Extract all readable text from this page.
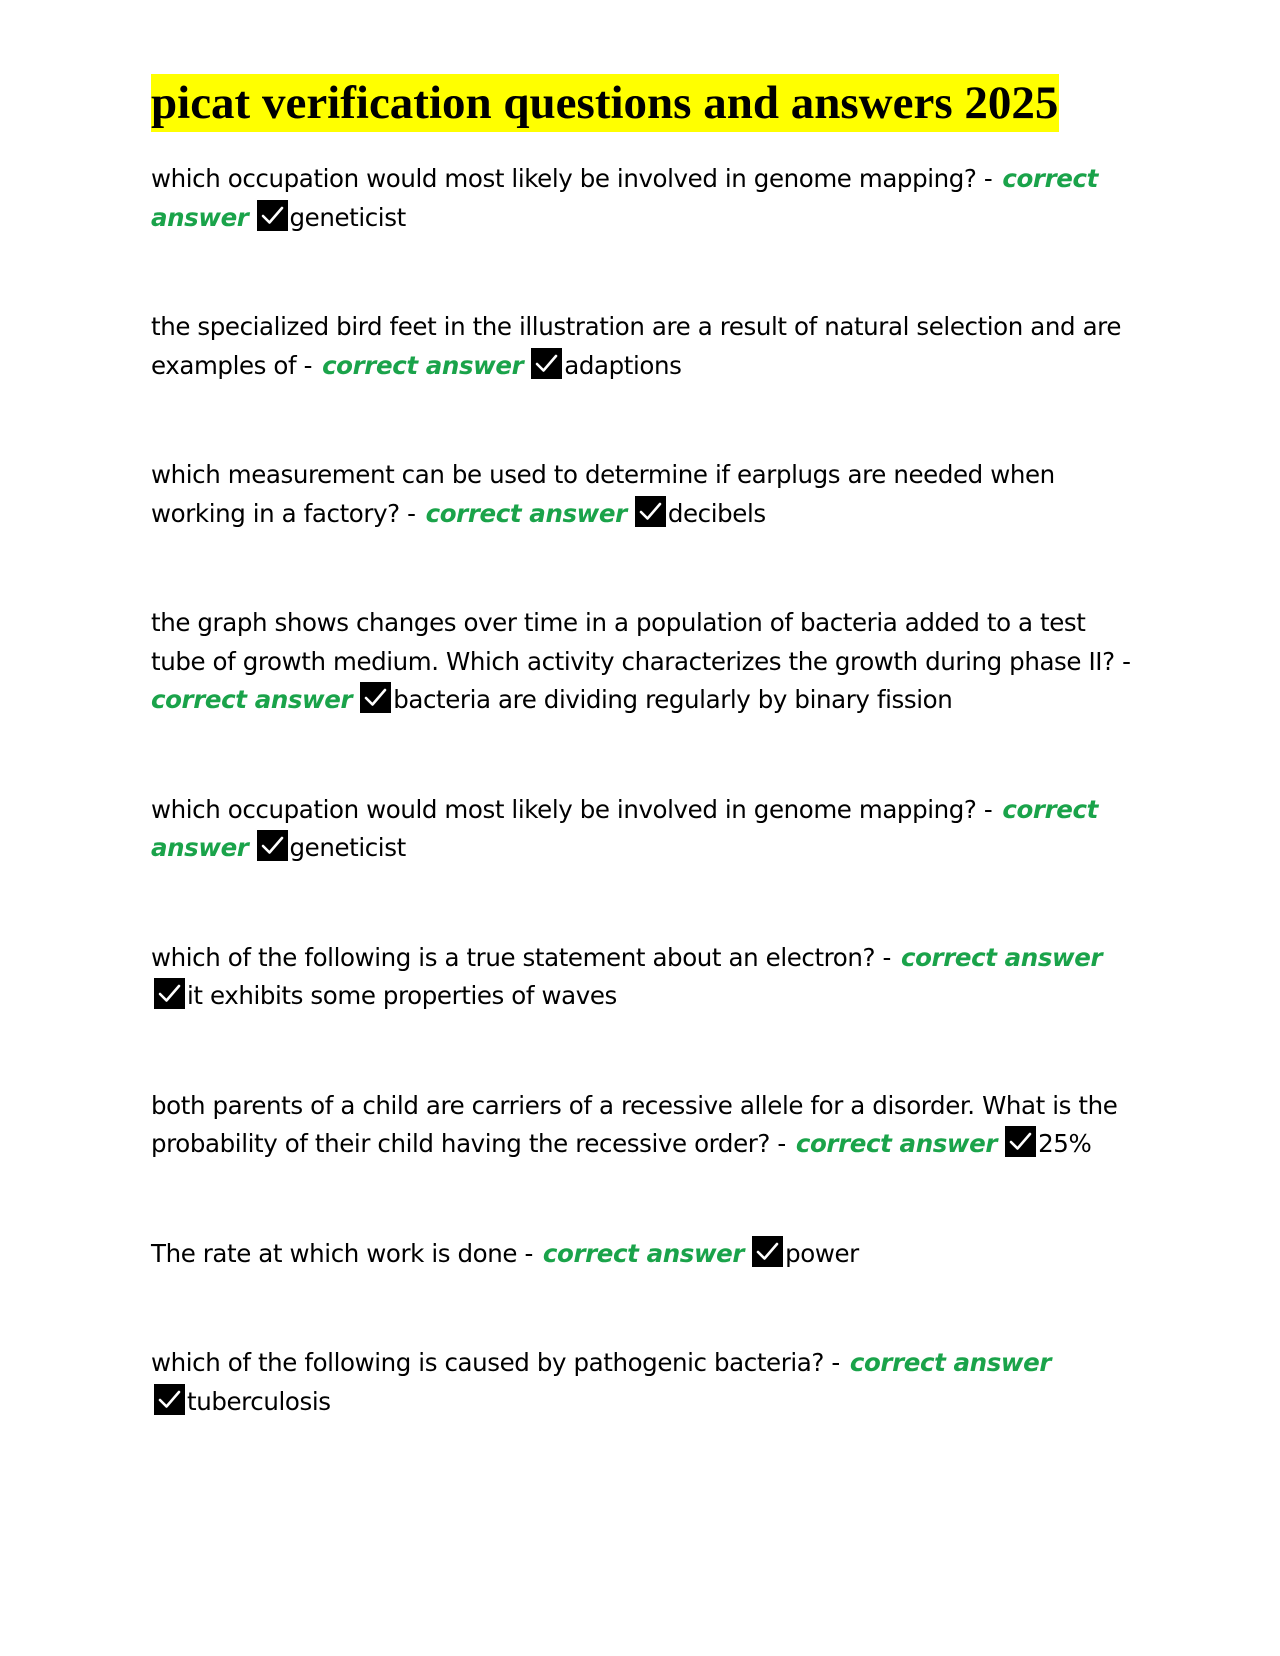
picat verification questions and answers 2025

which occupation would most likely be involved in genome mapping? - correct answer geneticist

the specialized bird feet in the illustration are a result of natural selection and are examples of - correct answer adaptions

which measurement can be used to determine if earplugs are needed when working in a factory? - correct answer decibels

the graph shows changes over time in a population of bacteria added to a test tube of growth medium. Which activity characterizes the growth during phase II? -
correct answer bacteria are dividing regularly by binary fission

which occupation would most likely be involved in genome mapping? - correct answer geneticist

which of the following is a true statement about an electron? - correct answer

it exhibits some properties of waves

both parents of a child are carriers of a recessive allele for a disorder. What is the probability of their child having the recessive order? - correct answer 25%

The rate at which work is done - correct answer power

which of the following is caused by pathogenic bacteria? - correct answer

tuberculosis
